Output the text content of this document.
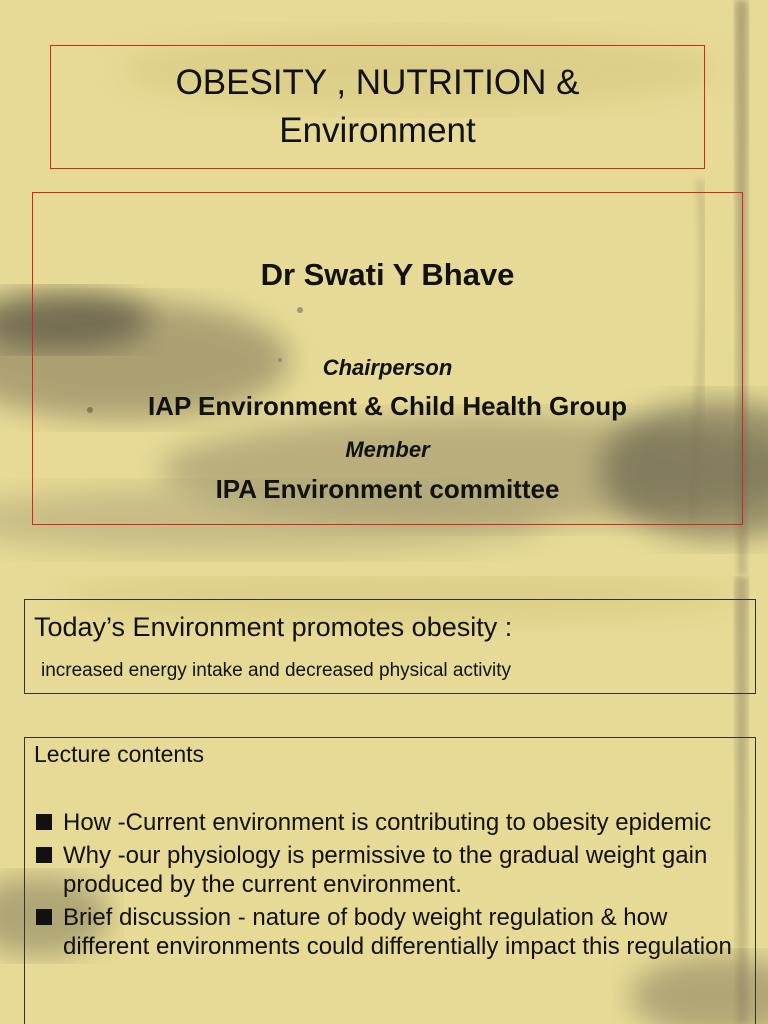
OBESITY , NUTRITION &
Environment
Dr Swati Y Bhave
Chairperson
IAP Environment & Child Health Group
Member
IPA Environment committee
Today’s Environment promotes obesity :
increased energy intake and decreased physical activity
Lecture contents
How -Current environment is contributing to obesity epidemic
Why -our physiology is permissive to the gradual weight gain produced by the current environment.
Brief discussion - nature of body weight regulation & how different environments could differentially impact this regulation
